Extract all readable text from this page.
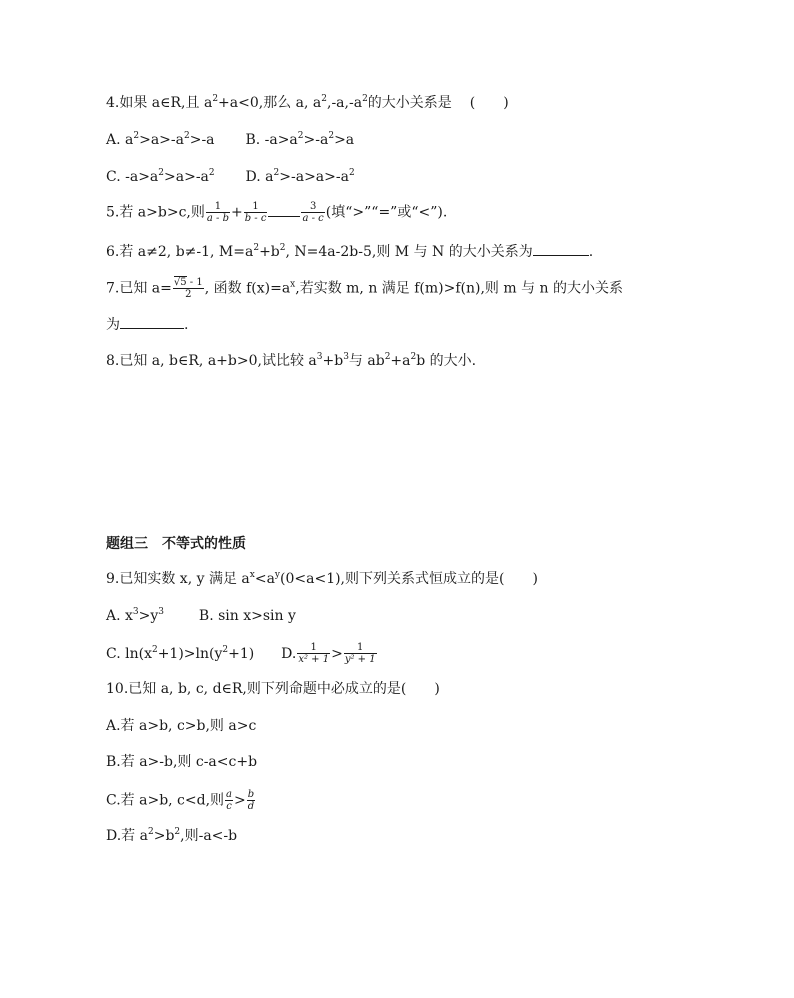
4.如果 a∈R,且 $a^2+a<0$,那么 a, $a^2,-a,-a^2$的大小关系是 (　　)
A. $a^2>a>-a^2>-a$ B. $-a>a^2>-a^2>a$
C. $-a>a^2>a>-a^2$ D. $a^2>-a>a>-a^2$
5.若 a>b>c,则 $\frac{1}{a - b} + \frac{1}{b - c}$	$\frac{3}{a - c}$ (填“>”“=”或“<”).
6.若 a≠2, b≠-1, $M=a^2+b^2$, N=4a-2b-5,则 M 与 N 的大小关系为	.
7.已知 $a= \frac{√5 - 1}{2}$ , 函数 $f(x)=a^x$,若实数 m, n 满足 f(m)>f(n),则 m 与 n 的大小关系
为	.
8.已知 a, b∈R, a+b>0,试比较 $a^3+b^3$与 $ab^2+a^2b$ 的大小.
题组三　不等式的性质
9.已知实数 x, y 满足 $a^x<a^y(0<a<1)$,则下列关系式恒成立的是(　　)
A. $x^3>y^3$ B. sin x>sin y
C. $\ln(x^2+1)>\ln(y^2+1)$ D. $\frac{1}{\text{x² + 1}} > \frac{1}{\text{y² + 1}}$
10.已知 a, b, c, d∈R,则下列命题中必成立的是(　　)
A.若 a>b, c>b,则 a>c
B.若 a>-b,则 c-a<c+b
C.若 a>b, c<d,则 $\frac{a}{c} > \frac{b}{d}$
D.若 $a^2>b^2$,则-a<-b
